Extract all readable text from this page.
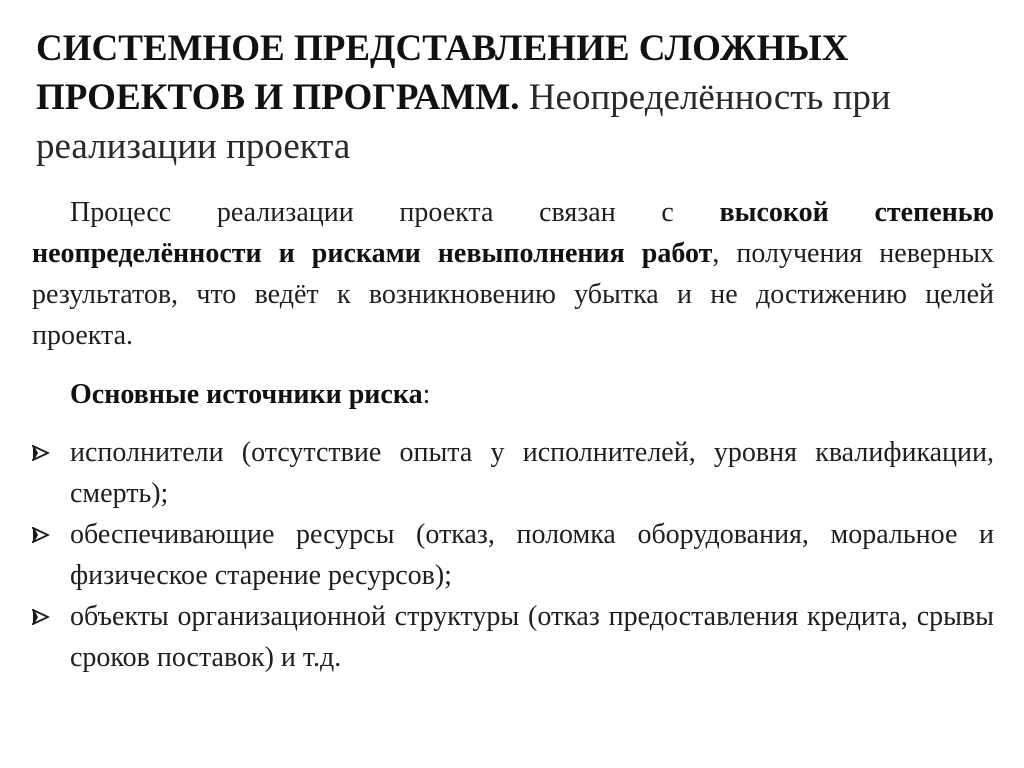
СИСТЕМНОЕ ПРЕДСТАВЛЕНИЕ СЛОЖНЫХ ПРОЕКТОВ И ПРОГРАММ. Неопределённость при реализации проекта
Процесс реализации проекта связан с высокой степенью неопределённости и рисками невыполнения работ, получения неверных результатов, что ведёт к возникновению убытка и не достижению целей проекта.
Основные источники риска:
исполнители (отсутствие опыта у исполнителей, уровня квалификации, смерть);
обеспечивающие ресурсы (отказ, поломка оборудования, моральное и физическое старение ресурсов);
объекты организационной структуры (отказ предоставления кредита, срывы сроков поставок) и т.д.
